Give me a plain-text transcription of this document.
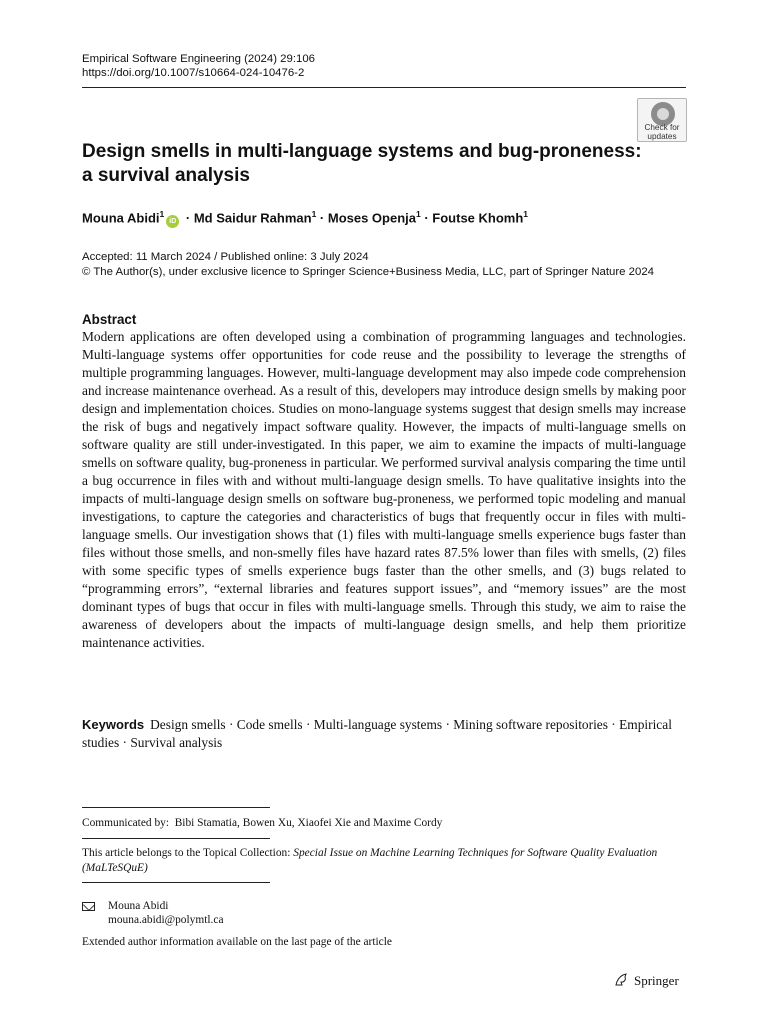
Empirical Software Engineering (2024) 29:106
https://doi.org/10.1007/s10664-024-10476-2
Check for
updates
Design smells in multi-language systems and bug-proneness:
a survival analysis
Mouna Abidi$^1$iD · Md Saidur Rahman$^1$ · Moses Openja$^1$ · Foutse Khomh$^1$
Accepted: 11 March 2024 / Published online: 3 July 2024
© The Author(s), under exclusive licence to Springer Science+Business Media, LLC, part of Springer Nature 2024
Abstract
Modern applications are often developed using a combination of programming languages and technologies. Multi-language systems offer opportunities for code reuse and the possibility to leverage the strengths of multiple programming languages. However, multi-language development may also impede code comprehension and increase maintenance overhead. As a result of this, developers may introduce design smells by making poor design and implementation choices. Studies on mono-language systems suggest that design smells may increase the risk of bugs and negatively impact software quality. However, the impacts of multi-language smells on software quality are still under-investigated. In this paper, we aim to examine the impacts of multi-language smells on software quality, bug-proneness in particular. We performed survival analysis comparing the time until a bug occurrence in files with and without multi-language design smells. To have qualitative insights into the impacts of multi-language design smells on software bug-proneness, we performed topic modeling and manual investigations, to capture the categories and characteristics of bugs that frequently occur in files with multi-language smells. Our investigation shows that (1) files with multi-language smells experience bugs faster than files without those smells, and non-smelly files have hazard rates 87.5% lower than files with smells, (2) files with some specific types of smells experience bugs faster than the other smells, and (3) bugs related to “programming errors”, “external libraries and features support issues”, and “memory issues” are the most dominant types of bugs that occur in files with multi-language smells. Through this study, we aim to raise the awareness of developers about the impacts of multi-language design smells, and help them prioritize maintenance activities.
Keywords Design smells · Code smells · Multi-language systems · Mining software repositories · Empirical studies · Survival analysis
Communicated by: Bibi Stamatia, Bowen Xu, Xiaofei Xie and Maxime Cordy
This article belongs to the Topical Collection: Special Issue on Machine Learning Techniques for Software Quality Evaluation (MaLTeSQuE)
Mouna Abidi
mouna.abidi@polymtl.ca
Extended author information available on the last page of the article
Springer
